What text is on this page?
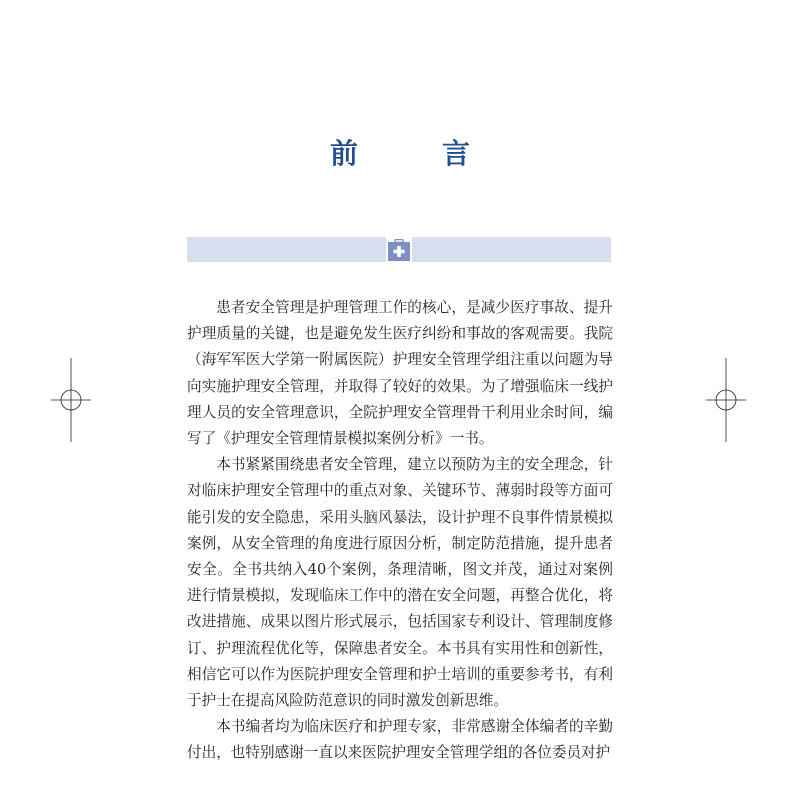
前　言

患者安全管理是护理管理工作的核心，是减少医疗事故、提升护理质量的关键，也是避免发生医疗纠纷和事故的客观需要。我院（海军军医大学第一附属医院）护理安全管理学组注重以问题为导向实施护理安全管理，并取得了较好的效果。为了增强临床一线护理人员的安全管理意识，全院护理安全管理骨干利用业余时间，编写了《护理安全管理情景模拟案例分析》一书。

本书紧紧围绕患者安全管理，建立以预防为主的安全理念，针对临床护理安全管理中的重点对象、关键环节、薄弱时段等方面可能引发的安全隐患，采用头脑风暴法，设计护理不良事件情景模拟案例，从安全管理的角度进行原因分析，制定防范措施，提升患者安全。全书共纳入40个案例，条理清晰，图文并茂，通过对案例进行情景模拟，发现临床工作中的潜在安全问题，再整合优化，将改进措施、成果以图片形式展示，包括国家专利设计、管理制度修订、护理流程优化等，保障患者安全。本书具有实用性和创新性，相信它可以作为医院护理安全管理和护士培训的重要参考书，有利于护士在提高风险防范意识的同时激发创新思维。

本书编者均为临床医疗和护理专家，非常感谢全体编者的辛勤付出，也特别感谢一直以来医院护理安全管理学组的各位委员对护
